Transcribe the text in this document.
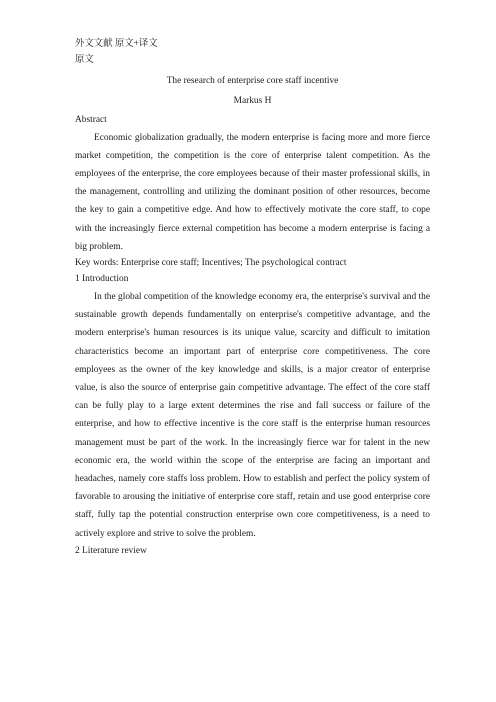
外文文献 原文+译文

原文

The research of enterprise core staff incentive

Markus H

Abstract

Economic globalization gradually, the modern enterprise is facing more and more fierce market competition, the competition is the core of enterprise talent competition. As the employees of the enterprise, the core employees because of their master professional skills, in the management, controlling and utilizing the dominant position of other resources, become the key to gain a competitive edge. And how to effectively motivate the core staff, to cope with the increasingly fierce external competition has become a modern enterprise is facing a big problem.

Key words: Enterprise core staff; Incentives; The psychological contract

1 Introduction

In the global competition of the knowledge economy era, the enterprise's survival and the sustainable growth depends fundamentally on enterprise's competitive advantage, and the modern enterprise's human resources is its unique value, scarcity and difficult to imitation characteristics become an important part of enterprise core competitiveness. The core employees as the owner of the key knowledge and skills, is a major creator of enterprise value, is also the source of enterprise gain competitive advantage. The effect of the core staff can be fully play to a large extent determines the rise and fall success or failure of the enterprise, and how to effective incentive is the core staff is the enterprise human resources management must be part of the work. In the increasingly fierce war for talent in the new economic era, the world within the scope of the enterprise are facing an important and headaches, namely core staffs loss problem. How to establish and perfect the policy system of favorable to arousing the initiative of enterprise core staff, retain and use good enterprise core staff, fully tap the potential construction enterprise own core competitiveness, is a need to actively explore and strive to solve the problem.

2 Literature review
